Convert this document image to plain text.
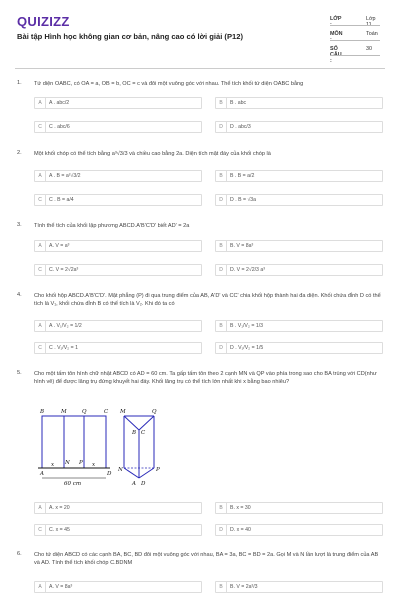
QUIZIZZ
Bài tập Hình học không gian cơ bản, nâng cao có lời giải (P12)
LỚP :
Lớp 11
MÔN :
Toán
SỐ CÂU :
30
1. Tứ diện OABC, có OA = a, OB = b, OC = c và đôi một vuông góc với nhau. Thể tích khối tứ diện OABC bằng
A	A . abc/2	B	B . abc
C	C . abc/6	D	D . abc/3
2. Một khối chóp có thể tích bằng a³√3/3 và chiều cao bằng 2a. Diện tích mặt đáy của khối chóp là
A	A . B = a²√3/2	B	B . B = a/2
C	C . B = a/4	D	D . B = √3a
3. Tính thể tích của khối lập phương ABCD.A'B'C'D' biết AD' = 2a
A	A. V = a³	B	B. V = 8a³
C	C. V = 2√2a³	D	D. V = 2√2/3 a³
4. Cho khối hộp ABCD.A'B'C'D'. Mặt phẳng (P) đi qua trung điểm của AB, A'D' và CC' chia khối hộp thành hai đa diện. Khối chứa đỉnh D có thể tích là V₁, khối chứa đỉnh B có thể tích là V₂. Khi đó ta có
A	A . V₁/V₂ = 1/2	B	B . V₁/V₂ = 1/3
C	C . V₁/V₂ = 1	D	D . V₁/V₂ = 1/5
5. Cho một tấm tôn hình chữ nhật ABCD có AD = 60 cm. Ta gấp tấm tôn theo 2 cạnh MN và QP vào phía trong sao cho BA trùng với CD(như hình vẽ) để được lăng trụ đứng khuyết hai đáy. Khối lăng trụ có thể tích lớn nhất khi x bằng bao nhiêu?
A	A. x = 20	B	B. x = 30
C	C. x = 45	D	D. x = 40
B	M	Q	C
A
N P
D
x	x
60 cm
M	Q
B C
N	P
A D
6. Cho tứ diện ABCD có các cạnh BA, BC, BD đôi một vuông góc với nhau, BA = 3a, BC = BD = 2a. Gọi M và N lần lượt là trung điểm của AB và AD. Tính thể tích khối chóp C.BDNM
A	A. V = 8a³	B	B. V = 2a³/3
